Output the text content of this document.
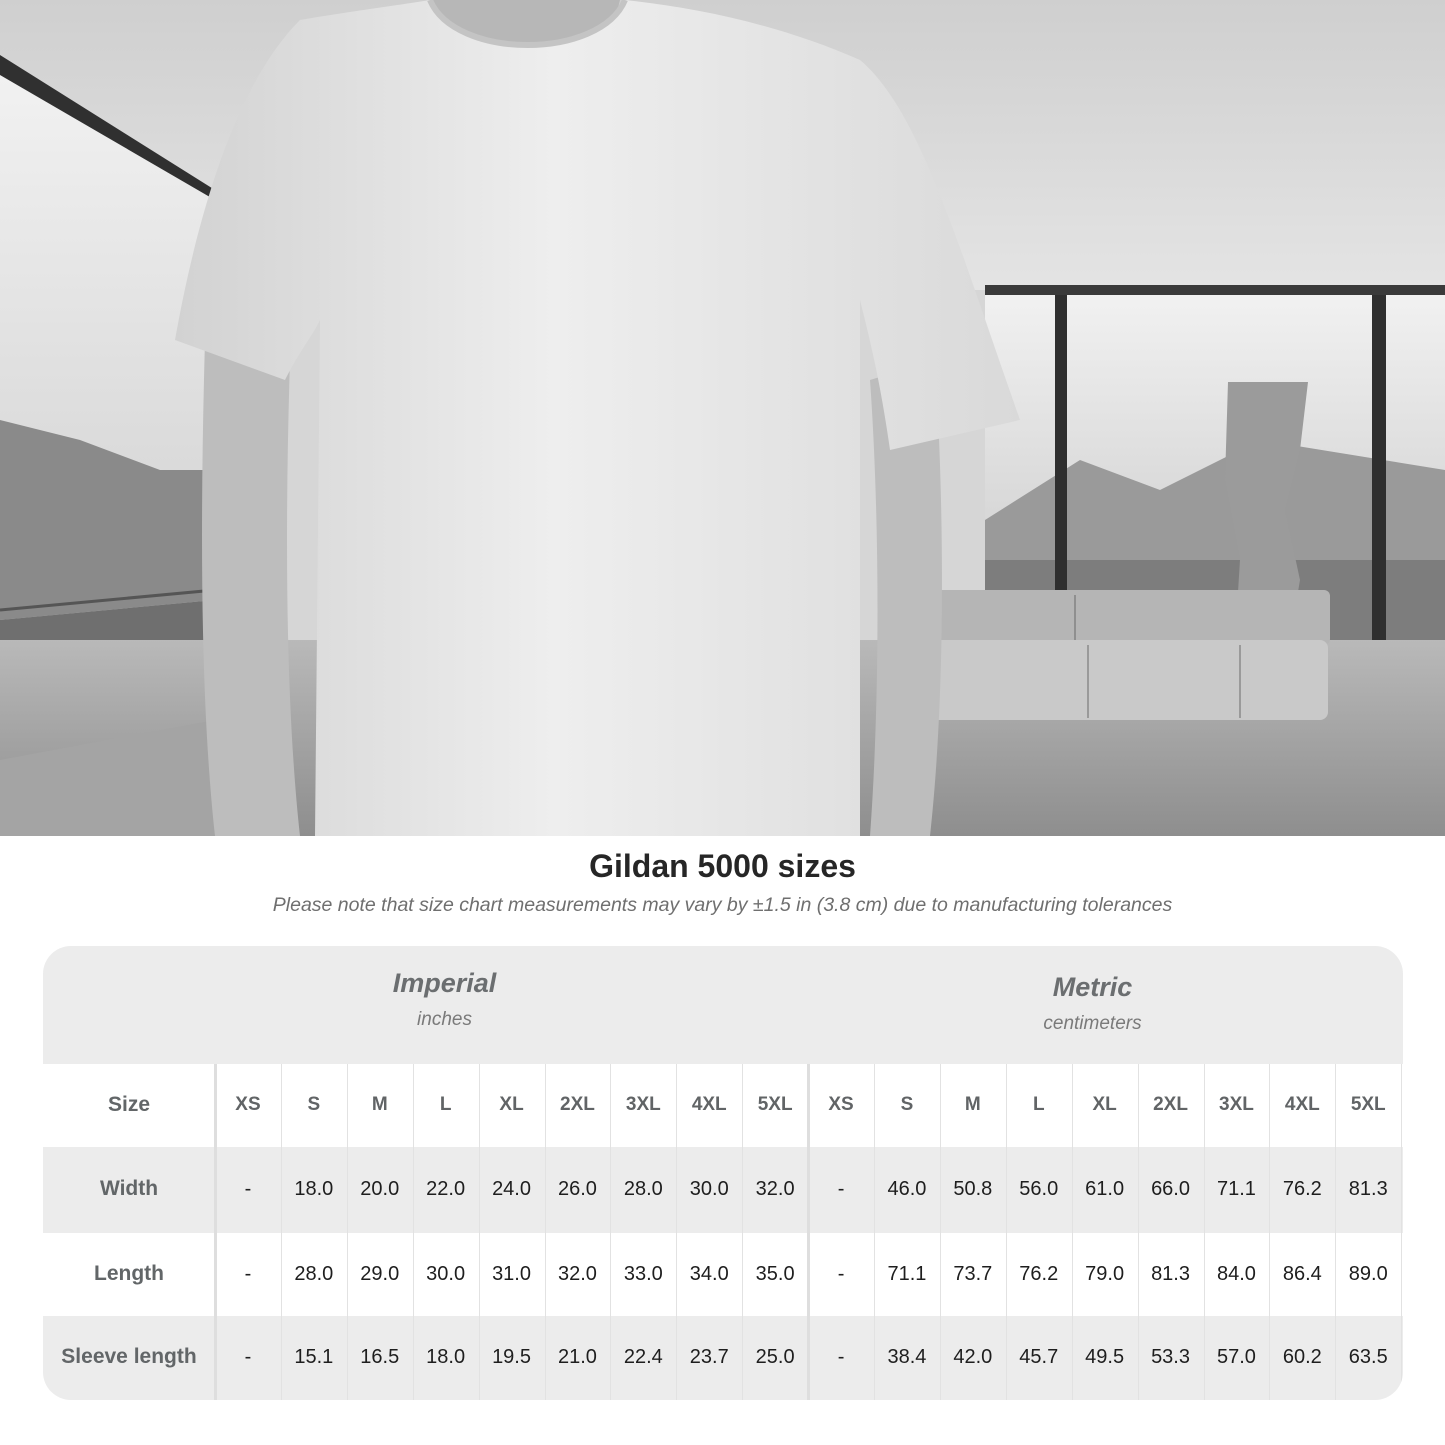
Gildan 5000 sizes
Please note that size chart measurements may vary by ±1.5 in (3.8 cm) due to manufacturing tolerances
Imperial
inches
Metric
centimeters
Size	XS	S	M	L	XL	2XL	3XL	4XL	5XL	XS	S	M	L	XL	2XL	3XL	4XL	5XL
Width	-	18.0	20.0	22.0	24.0	26.0	28.0	30.0	32.0	-	46.0	50.8	56.0	61.0	66.0	71.1	76.2	81.3
Length	-	28.0	29.0	30.0	31.0	32.0	33.0	34.0	35.0	-	71.1	73.7	76.2	79.0	81.3	84.0	86.4	89.0
Sleeve length	-	15.1	16.5	18.0	19.5	21.0	22.4	23.7	25.0	-	38.4	42.0	45.7	49.5	53.3	57.0	60.2	63.5
